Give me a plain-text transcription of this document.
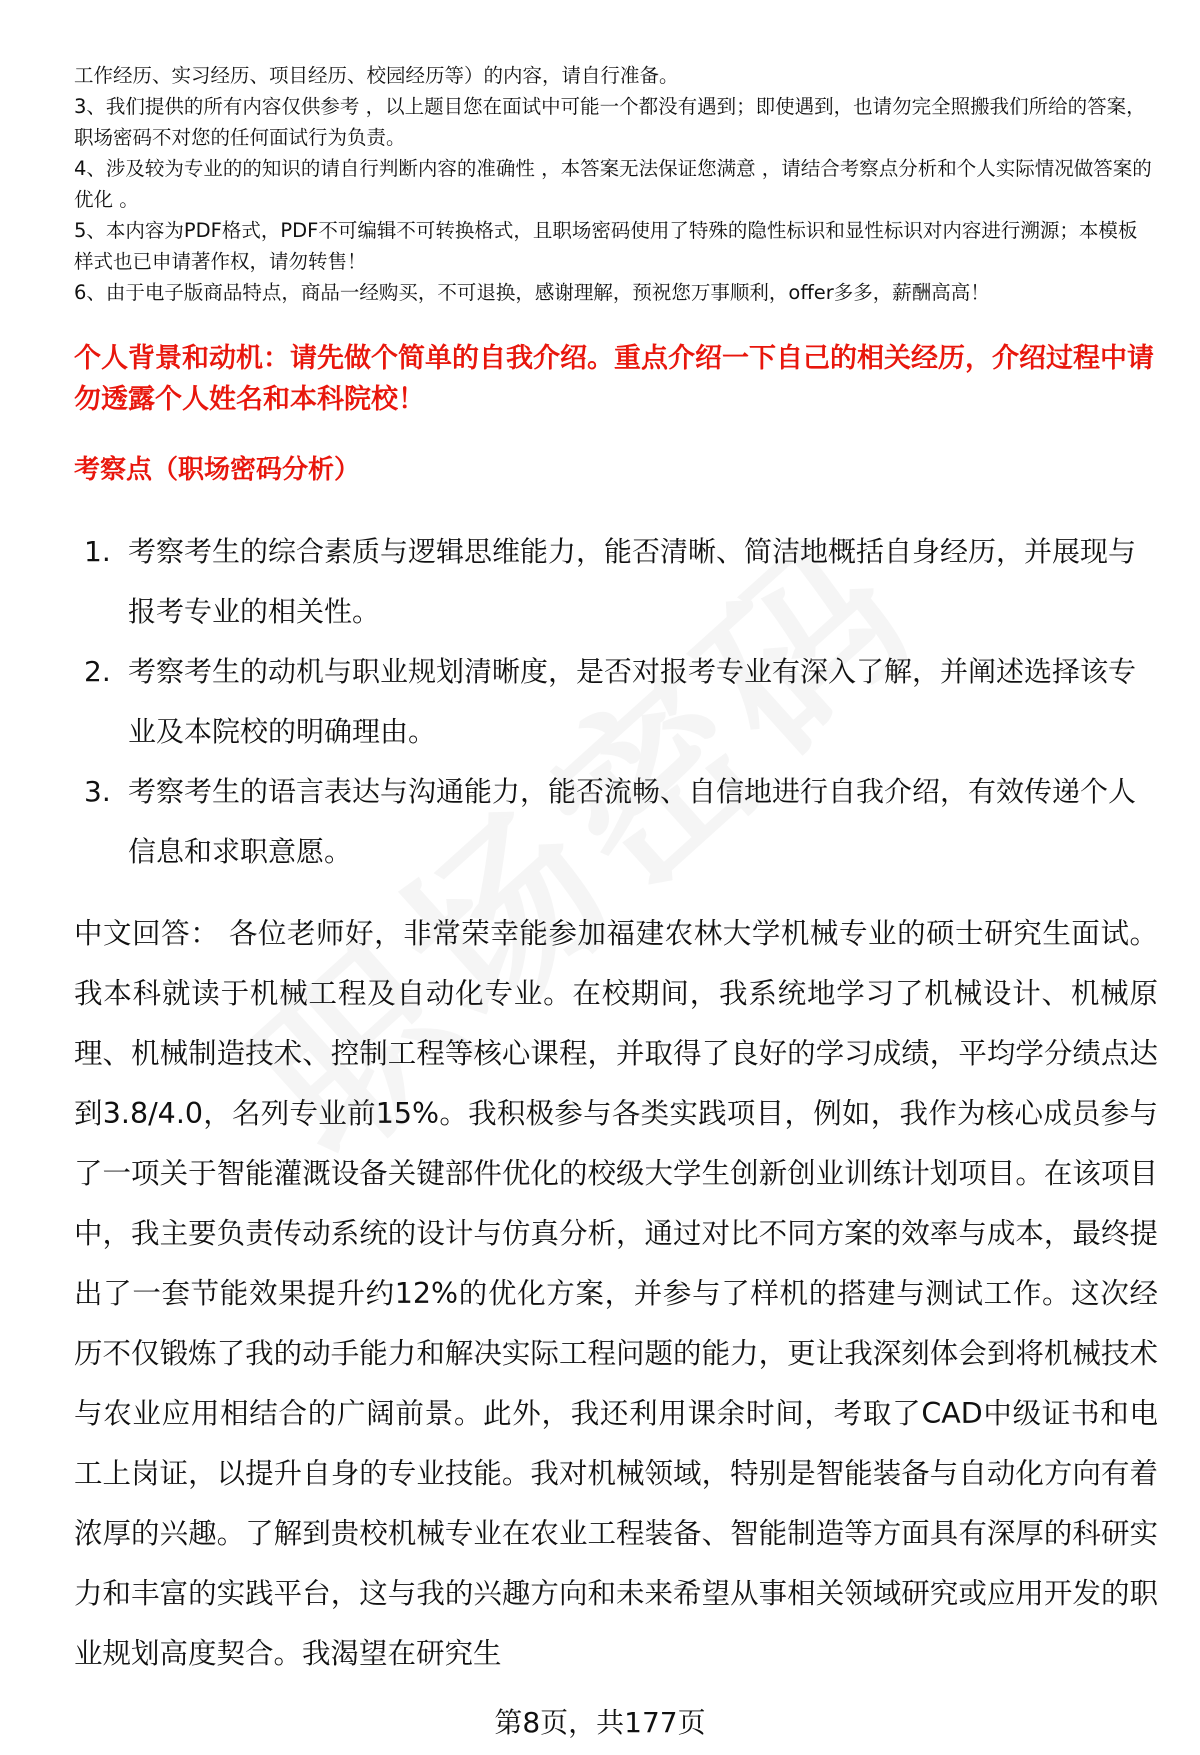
工作经历、实习经历、项目经历、校园经历等）的内容，请自行准备。

3、我们提供的所有内容仅供参考 ，以上题目您在面试中可能一个都没有遇到；即使遇到，也请勿完全照搬我们所给的答案，职场密码不对您的任何面试行为负责。

4、涉及较为专业的的知识的请自行判断内容的准确性 ，本答案无法保证您满意 ，请结合考察点分析和个人实际情况做答案的优化 。

5、本内容为PDF格式，PDF不可编辑不可转换格式，且职场密码使用了特殊的隐性标识和显性标识对内容进行溯源；本模板样式也已申请著作权，请勿转售！

6、由于电子版商品特点，商品一经购买，不可退换，感谢理解，预祝您万事顺利，offer多多，薪酬高高！

个人背景和动机：请先做个简单的自我介绍。重点介绍一下自己的相关经历，介绍过程中请勿透露个人姓名和本科院校！

考察点（职场密码分析）

1. 考察考生的综合素质与逻辑思维能力，能否清晰、简洁地概括自身经历，并展现与报考专业的相关性。
2. 考察考生的动机与职业规划清晰度，是否对报考专业有深入了解，并阐述选择该专业及本院校的明确理由。
3. 考察考生的语言表达与沟通能力，能否流畅、自信地进行自我介绍，有效传递个人信息和求职意愿。

中文回答： 各位老师好，非常荣幸能参加福建农林大学机械专业的硕士研究生面试。我本科就读于机械工程及自动化专业。在校期间，我系统地学习了机械设计、机械原理、机械制造技术、控制工程等核心课程，并取得了良好的学习成绩，平均学分绩点达到3.8/4.0，名列专业前15%。我积极参与各类实践项目，例如，我作为核心成员参与了一项关于智能灌溉设备关键部件优化的校级大学生创新创业训练计划项目。在该项目中，我主要负责传动系统的设计与仿真分析，通过对比不同方案的效率与成本，最终提出了一套节能效果提升约12%的优化方案，并参与了样机的搭建与测试工作。这次经历不仅锻炼了我的动手能力和解决实际工程问题的能力，更让我深刻体会到将机械技术与农业应用相结合的广阔前景。此外，我还利用课余时间，考取了CAD中级证书和电工上岗证，以提升自身的专业技能。我对机械领域，特别是智能装备与自动化方向有着浓厚的兴趣。了解到贵校机械专业在农业工程装备、智能制造等方面具有深厚的科研实力和丰富的实践平台，这与我的兴趣方向和未来希望从事相关领域研究或应用开发的职业规划高度契合。我渴望在研究生

第8页，共177页
